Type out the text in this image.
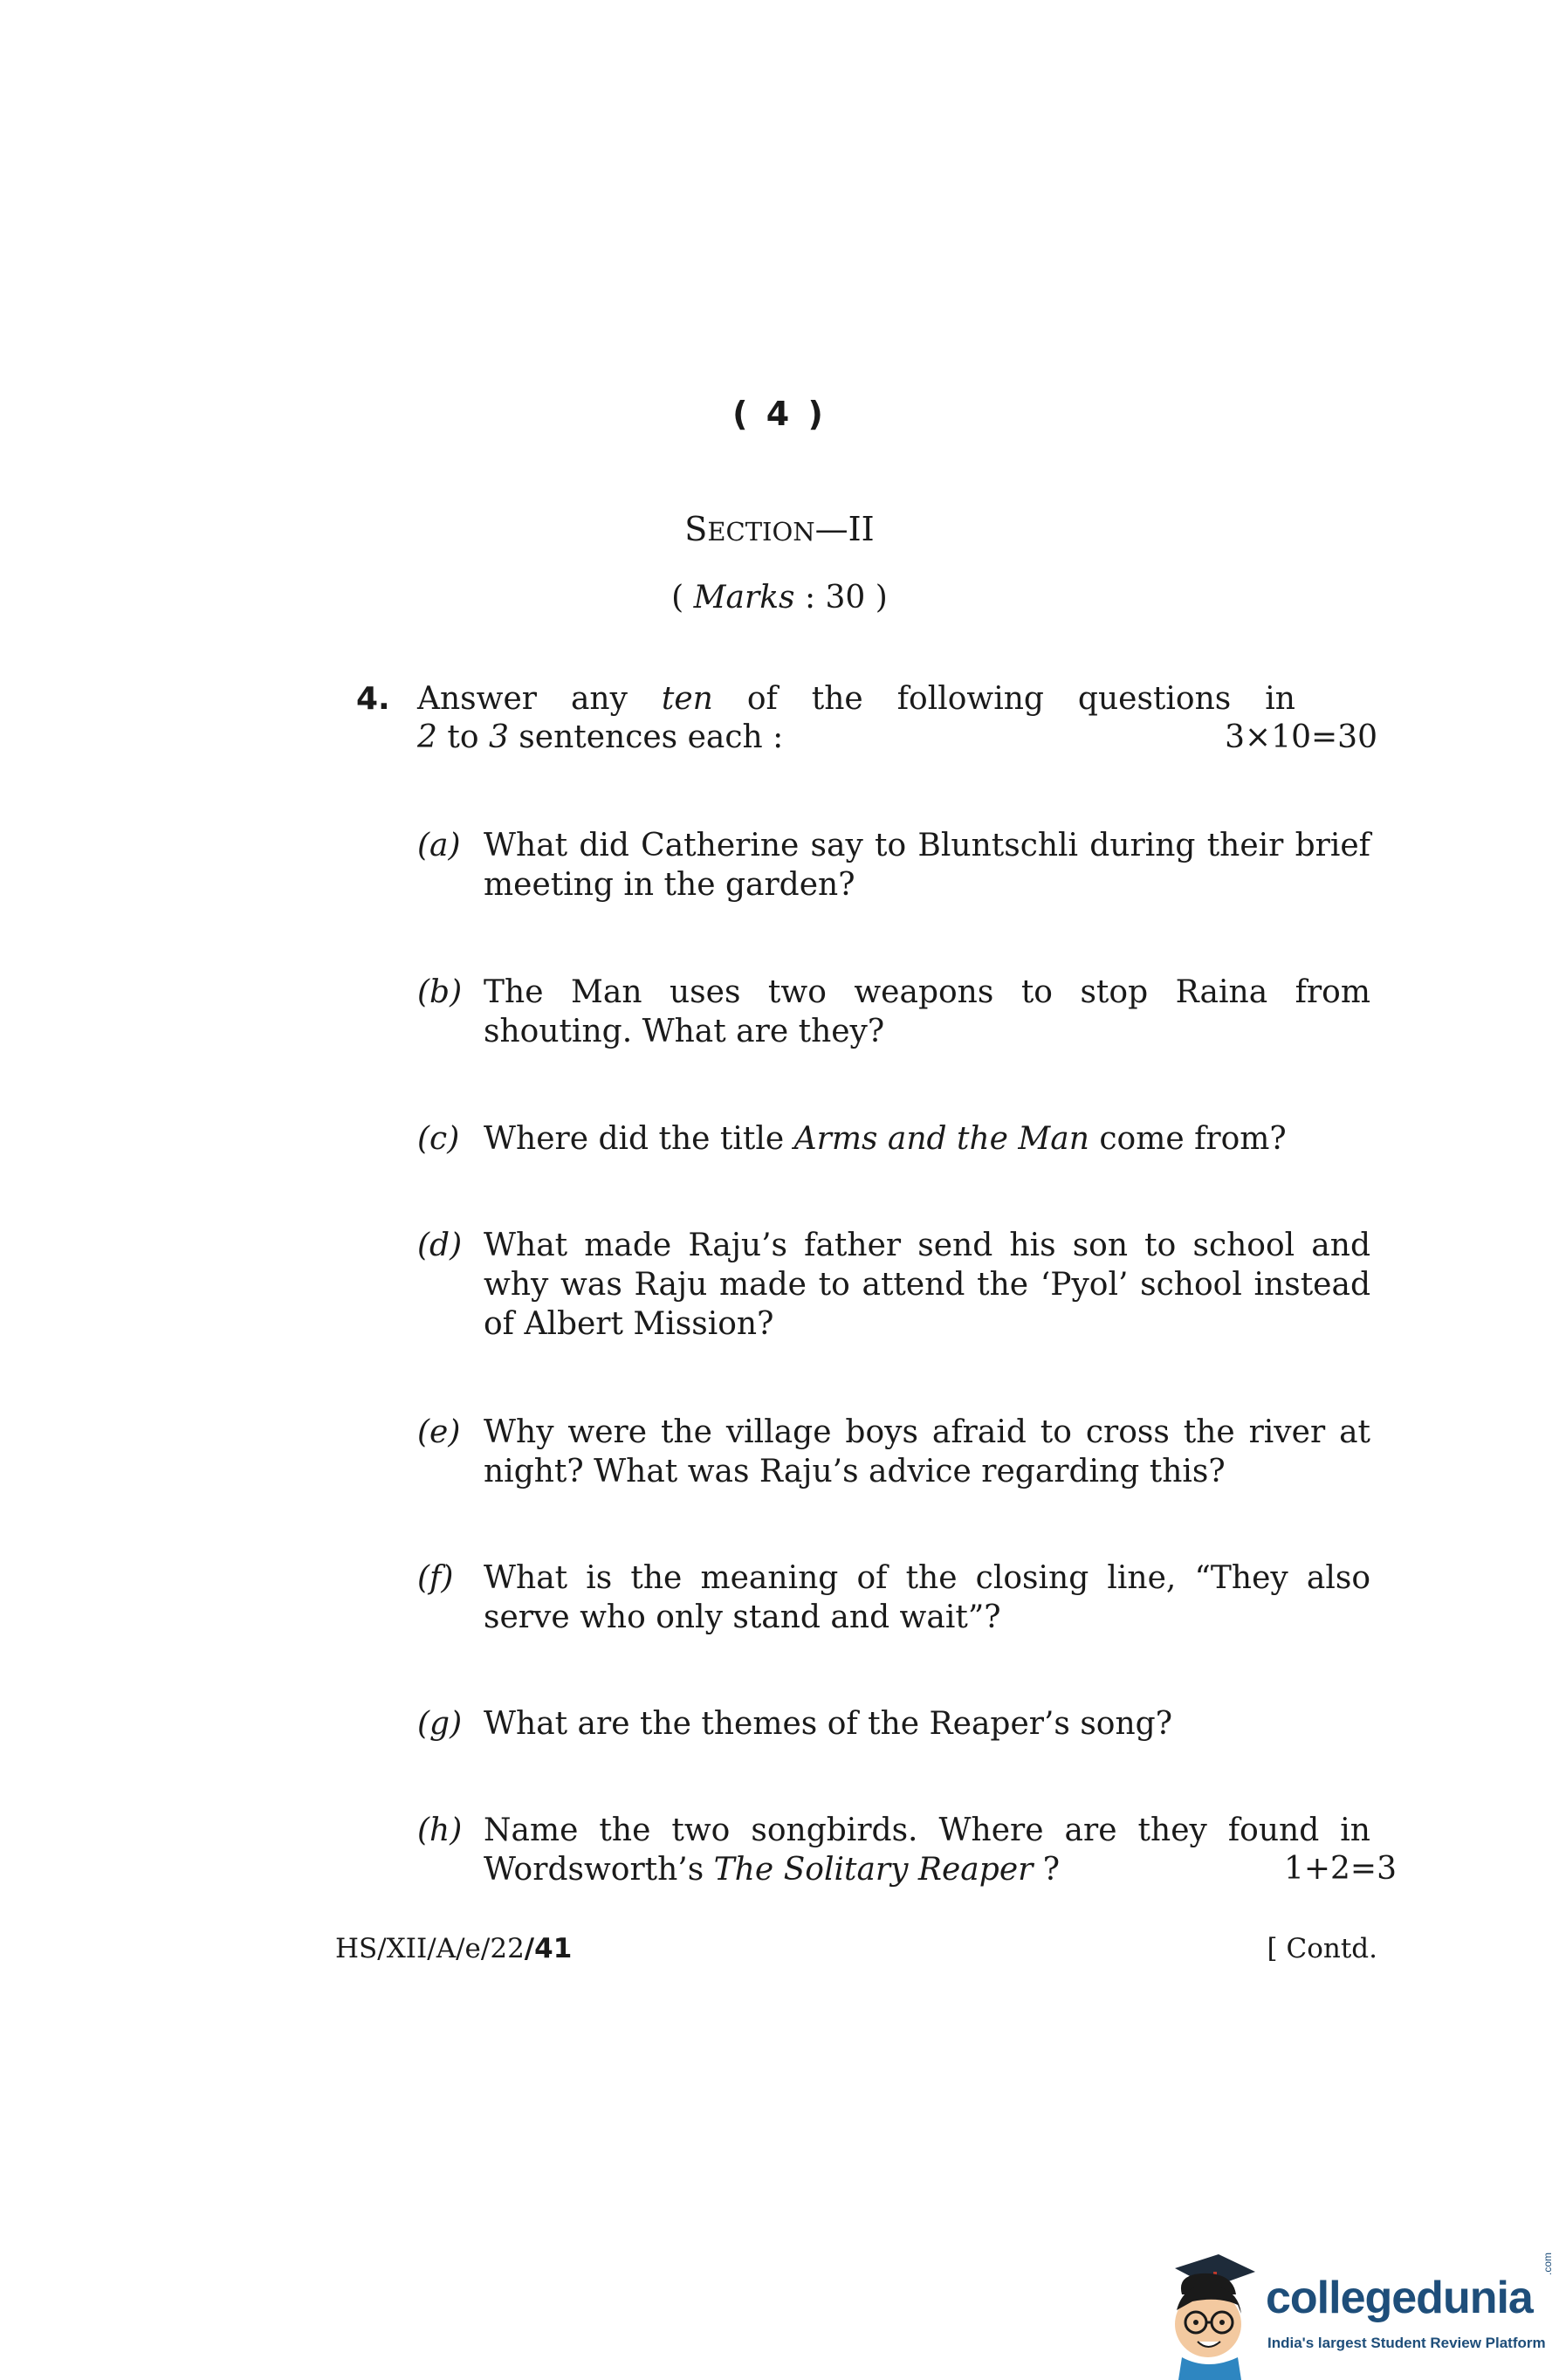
( 4 )
SECTION—II
( Marks : 30 )
4. Answer any ten of the following questions in
2 to 3 sentences each :	3×10=30
(a) What did Catherine say to Bluntschli during their brief meeting in the garden?
(b) The Man uses two weapons to stop Raina from shouting. What are they?
(c) Where did the title Arms and the Man come from?
(d) What made Raju’s father send his son to school and why was Raju made to attend the ‘Pyol’ school instead of Albert Mission?
(e) Why were the village boys afraid to cross the river at night? What was Raju’s advice regarding this?
(f) What is the meaning of the closing line, “They also serve who only stand and wait”?
(g) What are the themes of the Reaper’s song?
(h) Name the two songbirds. Where are they found in Wordsworth’s The Solitary Reaper ?	1+2=3
HS/XII/A/e/22/41	[ Contd.
collegedunia
.com
India's largest Student Review Platform
